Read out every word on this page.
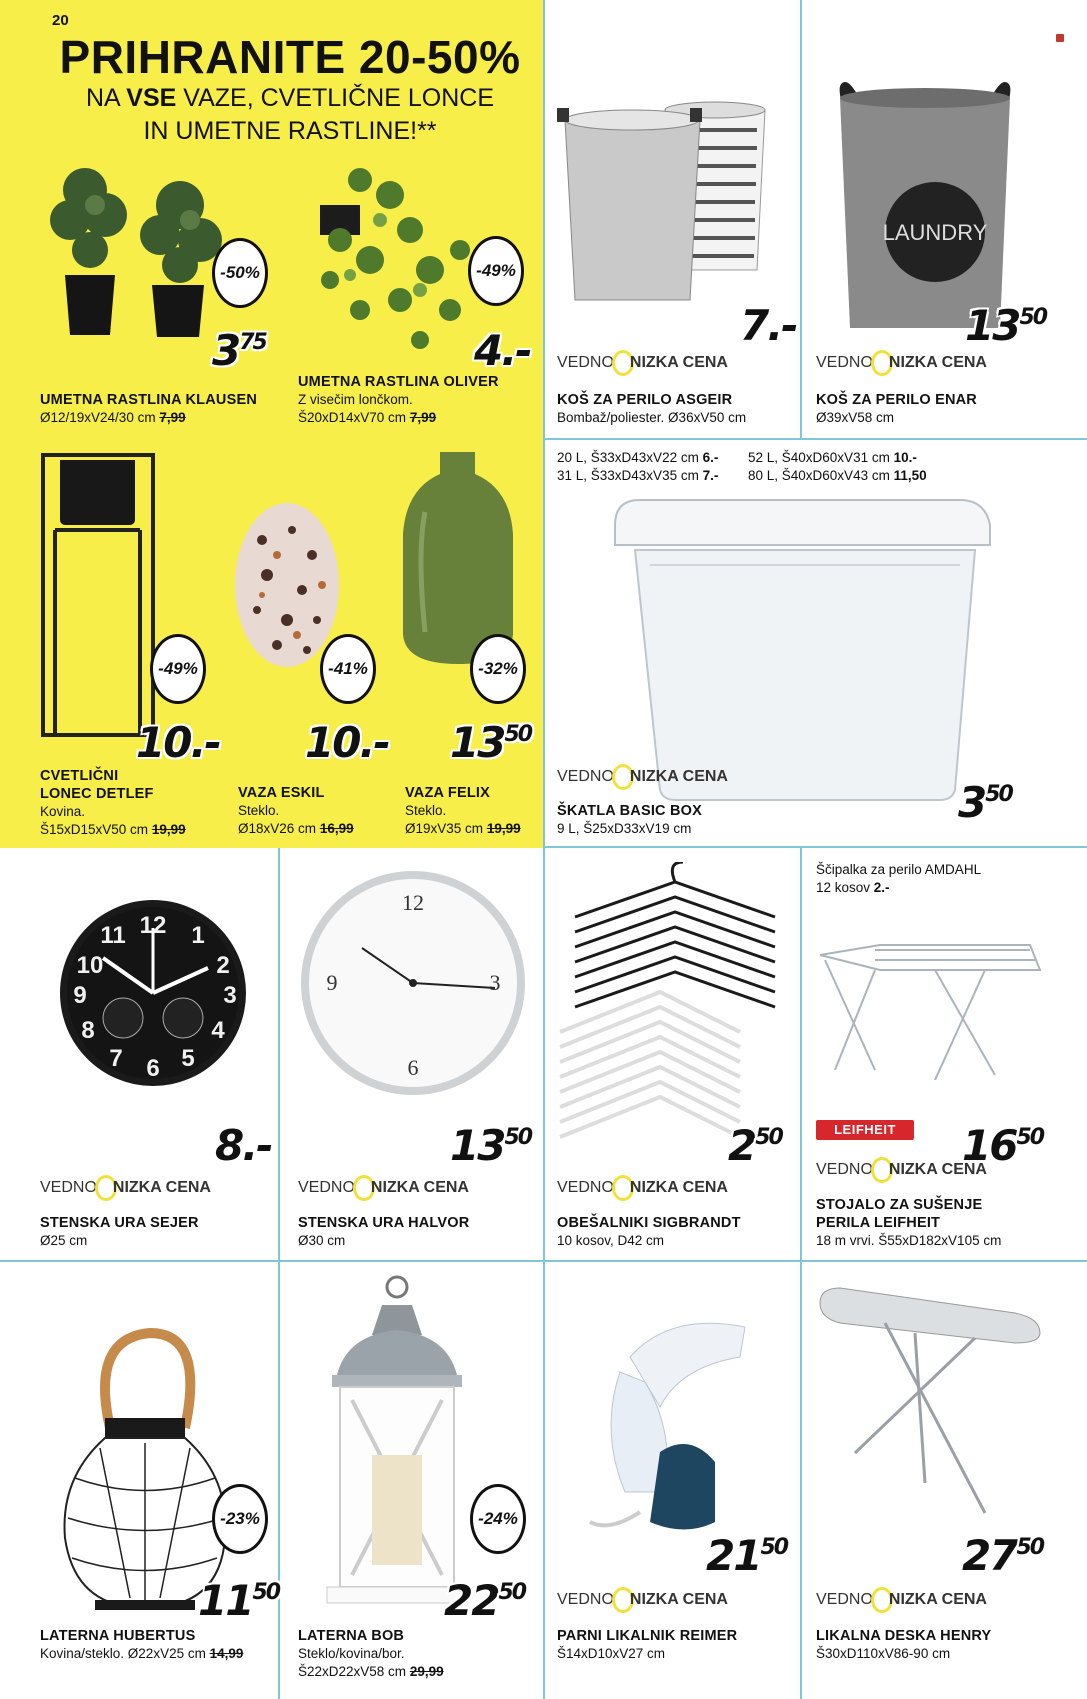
20
PRIHRANITE 20-50%
NA VSE VAZE, CVETLIČNE LONCE
IN UMETNE RASTLINE!**
-50%
$3^{75}$
UMETNA RASTLINA KLAUSEN
Ø12/19xV24/30 cm 7,99
-49%
4.-
UMETNA RASTLINA OLIVER
Z visečim lončkom.
Š20xD14xV70 cm 7,99
7.-
VEDNO NIZKA CENA
KOŠ ZA PERILO ASGEIR
Bombaž/poliester. Ø36xV50 cm
LAUNDRY
$13^{50}$
VEDNO NIZKA CENA
KOŠ ZA PERILO ENAR
Ø39xV58 cm
-49%
10.-
CVETLIČNI
LONEC DETLEF
Kovina.
Š15xD15xV50 cm 19,99
-41%
10.-
VAZA ESKIL
Steklo.
Ø18xV26 cm 16,99
-32%
$13^{50}$
VAZA FELIX
Steklo.
Ø19xV35 cm 19,99
20 L, Š33xD43xV22 cm 6.-
31 L, Š33xD43xV35 cm 7.-
52 L, Š40xD60xV31 cm 10.-
80 L, Š40xD60xV43 cm 11,50
VEDNO NIZKA CENA
$3^{50}$
ŠKATLA BASIC BOX
9 L, Š25xD33xV19 cm
12 1
2
3
4
5
6
7
8
9
10
11
8.-
VEDNO NIZKA CENA
STENSKA URA SEJER
Ø25 cm
12
6
3
9
$13^{50}$
VEDNO NIZKA CENA
STENSKA URA HALVOR
Ø30 cm
$2^{50}$
VEDNO NIZKA CENA
OBEŠALNIKI SIGBRANDT
10 kosov, D42 cm
Ščipalka za perilo AMDAHL
12 kosov 2.-
LEIFHEIT	$16^{50}$
VEDNO NIZKA CENA
STOJALO ZA SUŠENJE
PERILA LEIFHEIT
18 m vrvi. Š55xD182xV105 cm
-23%
$11^{50}$
LATERNA HUBERTUS
Kovina/steklo. Ø22xV25 cm 14,99
-24%
$22^{50}$
LATERNA BOB
Steklo/kovina/bor.
Š22xD22xV58 cm 29,99
$21^{50}$
VEDNO NIZKA CENA
PARNI LIKALNIK REIMER
Š14xD10xV27 cm
$27^{50}$
VEDNO NIZKA CENA
LIKALNA DESKA HENRY
Š30xD110xV86-90 cm
